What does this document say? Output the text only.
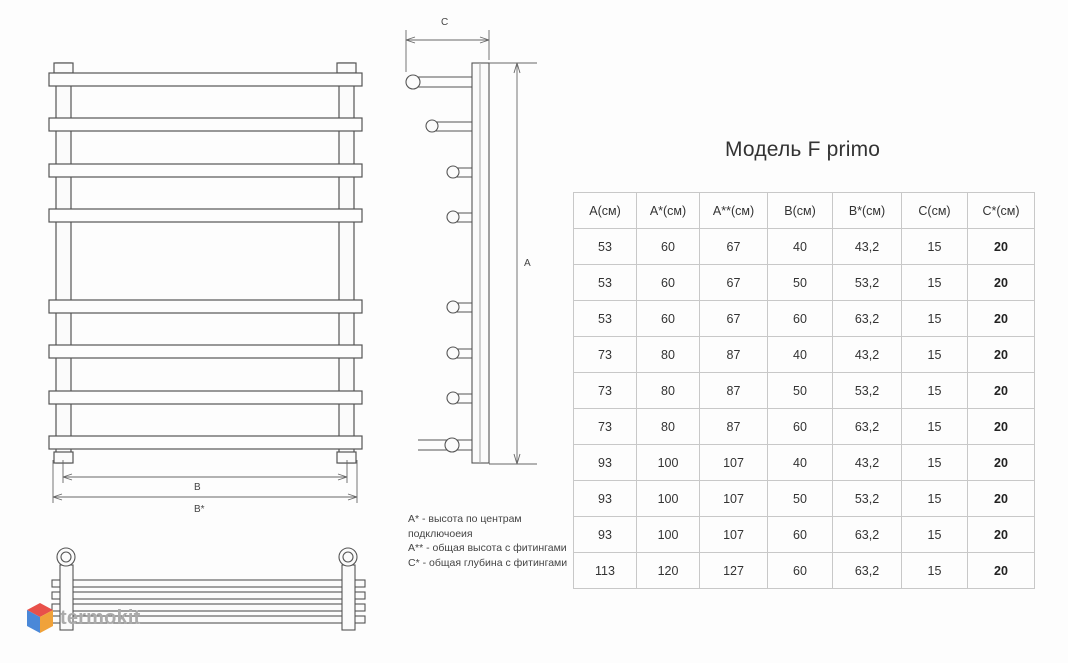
B
B*
C
A
Модель F primo
A(см)	A*(см)	A**(см)	B(см)	B*(см)	C(см)	C*(см)
53	60	67	40	43,2	15	20
53	60	67	50	53,2	15	20
53	60	67	60	63,2	15	20
73	80	87	40	43,2	15	20
73	80	87	50	53,2	15	20
73	80	87	60	63,2	15	20
93	100	107	40	43,2	15	20
93	100	107	50	53,2	15	20
93	100	107	60	63,2	15	20
113	120	127	60	63,2	15	20
A* - высота по центрам подключоеия
A** - общая высота с фитингами
C* - общая глубина с фитингами
termokit
